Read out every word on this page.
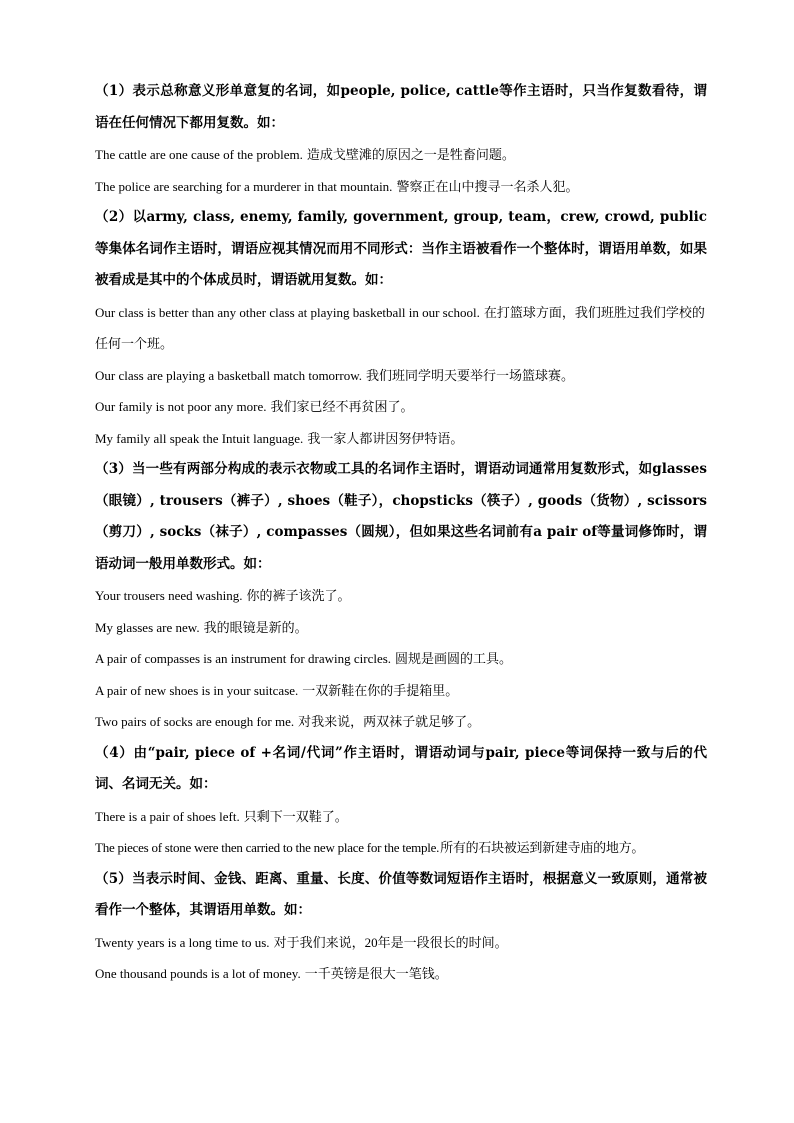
（1）表示总称意义形单意复的名词，如people, police, cattle等作主语时，只当作复数看待，谓语在任何情况下都用复数。如：

The cattle are one cause of the problem. 造成戈壁滩的原因之一是牲畜问题。

The police are searching for a murderer in that mountain. 警察正在山中搜寻一名杀人犯。

（2）以army, class, enemy, family, government, group, team，crew, crowd, public等集体名词作主语时，谓语应视其情况而用不同形式：当作主语被看作一个整体时，谓语用单数，如果被看成是其中的个体成员时，谓语就用复数。如：

Our class is better than any other class at playing basketball in our school. 在打篮球方面，我们班胜过我们学校的任何一个班。

Our class are playing a basketball match tomorrow. 我们班同学明天要举行一场篮球赛。

Our family is not poor any more. 我们家已经不再贫困了。

My family all speak the Intuit language. 我一家人都讲因努伊特语。

（3）当一些有两部分构成的表示衣物或工具的名词作主语时，谓语动词通常用复数形式，如glasses（眼镜）, trousers（裤子）, shoes（鞋子），chopsticks（筷子）, goods（货物）, scissors（剪刀）, socks（袜子）, compasses（圆规），但如果这些名词前有a pair of等量词修饰时，谓语动词一般用单数形式。如：

Your trousers need washing. 你的裤子该洗了。

My glasses are new. 我的眼镜是新的。

A pair of compasses is an instrument for drawing circles. 圆规是画圆的工具。

A pair of new shoes is in your suitcase. 一双新鞋在你的手提箱里。

Two pairs of socks are enough for me. 对我来说，两双袜子就足够了。

（4）由“pair, piece of +名词/代词”作主语时，谓语动词与pair, piece等词保持一致与后的代词、名词无关。如：

There is a pair of shoes left. 只剩下一双鞋了。

The pieces of stone were then carried to the new place for the temple.所有的石块被运到新建寺庙的地方。

（5）当表示时间、金钱、距离、重量、长度、价值等数词短语作主语时，根据意义一致原则，通常被看作一个整体，其谓语用单数。如：

Twenty years is a long time to us. 对于我们来说，20年是一段很长的时间。

One thousand pounds is a lot of money. 一千英镑是很大一笔钱。
